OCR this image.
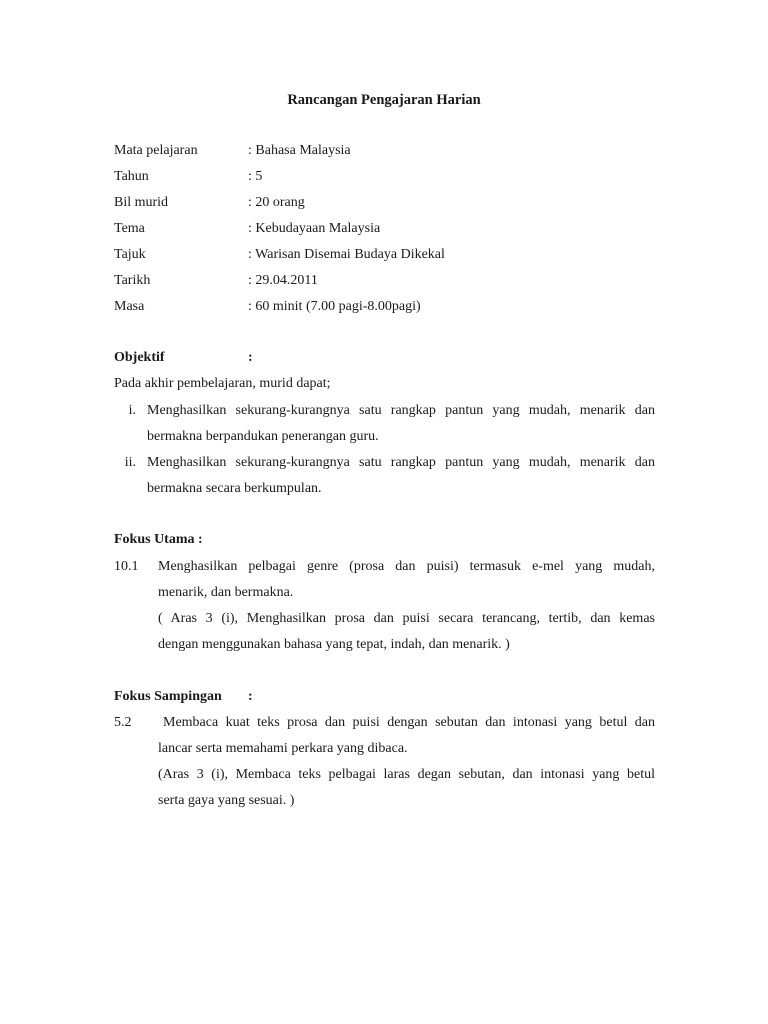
Rancangan Pengajaran Harian
Mata pelajaran	: Bahasa Malaysia
Tahun	: 5
Bil murid	: 20 orang
Tema	: Kebudayaan Malaysia
Tajuk	: Warisan Disemai Budaya Dikekal
Tarikh	: 29.04.2011
Masa	: 60 minit (7.00 pagi-8.00pagi)
Objektif	:
Pada akhir pembelajaran, murid dapat;
i. Menghasilkan sekurang-kurangnya satu rangkap pantun yang mudah, menarik dan
bermakna berpandukan penerangan guru.
ii. Menghasilkan sekurang-kurangnya satu rangkap pantun yang mudah, menarik dan
bermakna secara berkumpulan.
Fokus Utama :
10.1 Menghasilkan pelbagai genre (prosa dan puisi) termasuk e-mel yang mudah,
menarik, dan bermakna.
( Aras 3 (i), Menghasilkan prosa dan puisi secara terancang, tertib, dan kemas
dengan menggunakan bahasa yang tepat, indah, dan menarik. )
Fokus Sampingan :
5.2 Membaca kuat teks prosa dan puisi dengan sebutan dan intonasi yang betul dan
lancar serta memahami perkara yang dibaca.
(Aras 3 (i), Membaca teks pelbagai laras degan sebutan, dan intonasi yang betul
serta gaya yang sesuai. )
